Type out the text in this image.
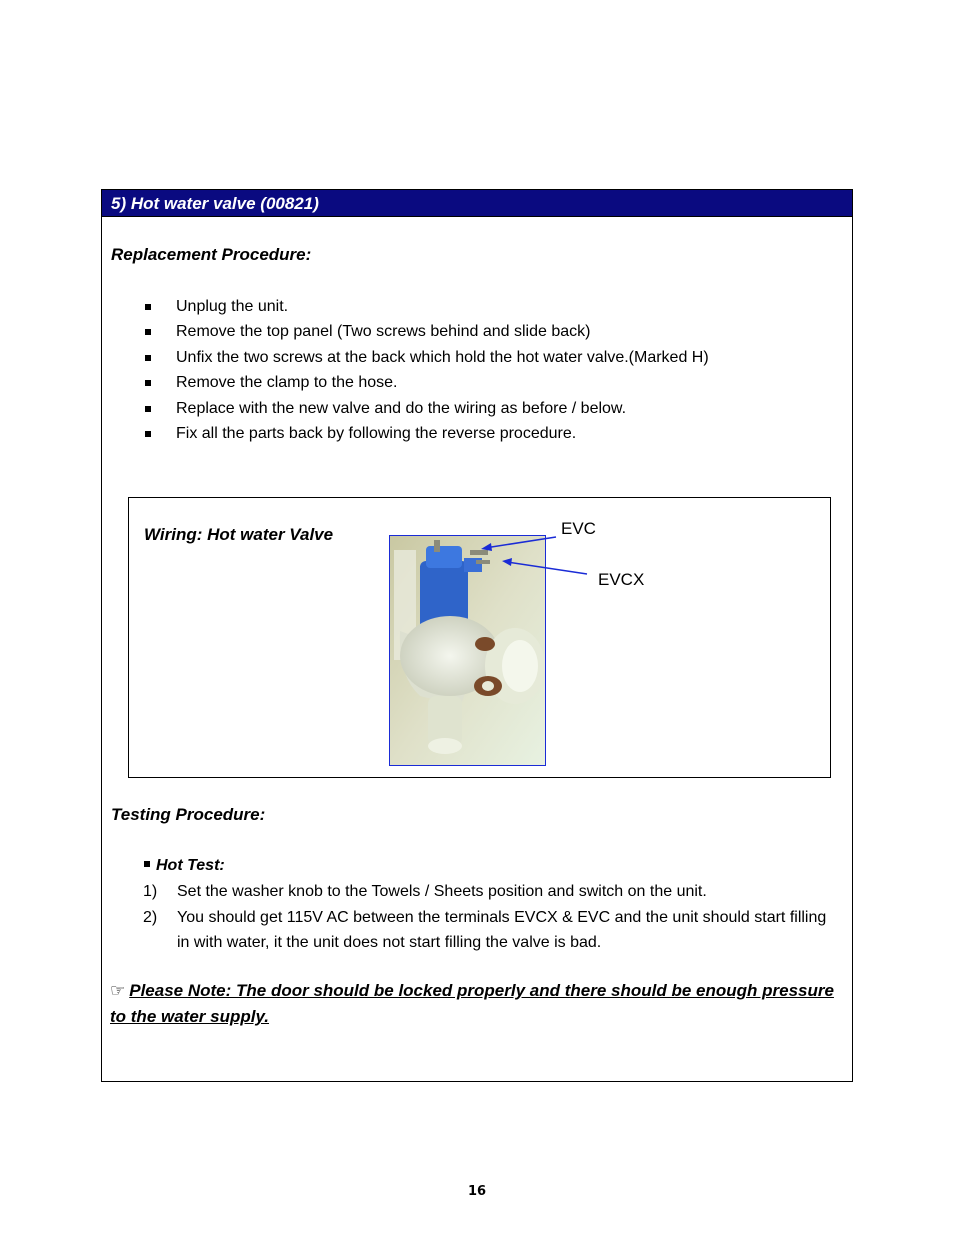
5) Hot water valve (00821)
Replacement Procedure:
Unplug the unit.
Remove the top panel (Two screws behind and slide back)
Unfix the two screws at the back which hold the hot water valve.(Marked H)
Remove the clamp to the hose.
Replace with the new valve and do the wiring as before / below.
Fix all the parts back by following the reverse procedure.
Wiring: Hot water Valve	EVC
EVCX
Testing Procedure:
Hot Test:
1) Set the washer knob to the Towels / Sheets position and switch on the unit.
2) You should get 115V AC between the terminals EVCX & EVC and the unit should start filling in with water, it the unit does not start filling the valve is bad.
☞ Please Note: The door should be locked properly and there should be enough pressure to the water supply.
16
